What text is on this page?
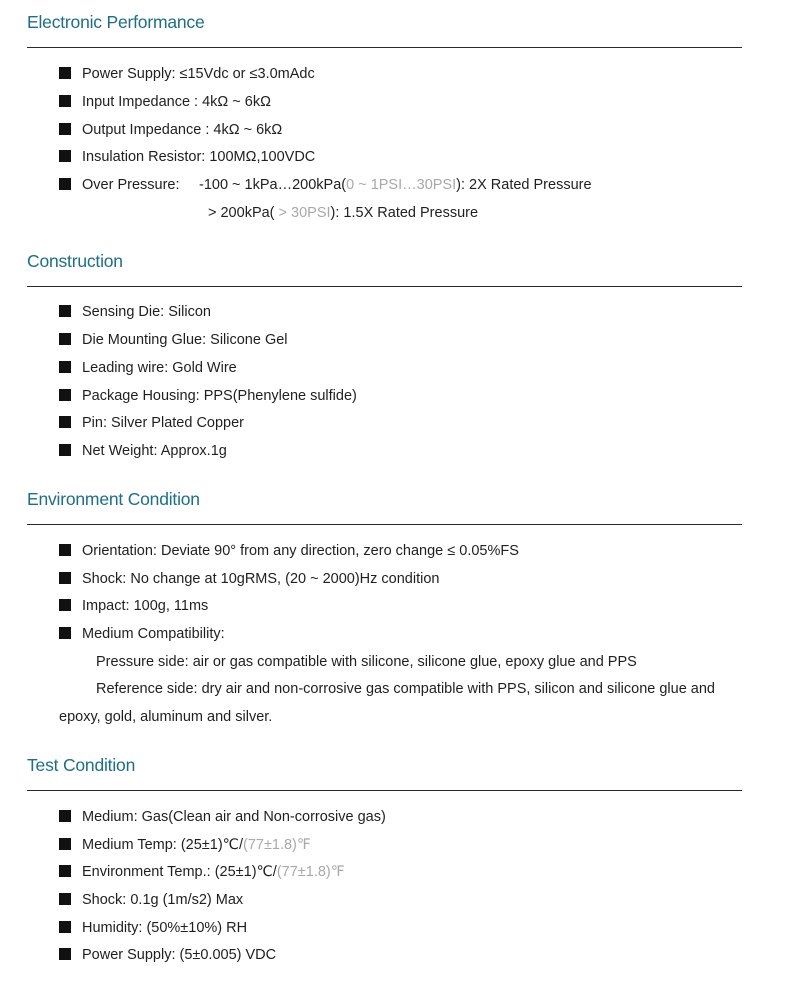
Electronic Performance
Power Supply: ≤15Vdc or ≤3.0mAdc
Input Impedance : 4kΩ ~ 6kΩ
Output Impedance : 4kΩ ~ 6kΩ
Insulation Resistor: 100MΩ,100VDC
Over Pressure: -100 ~ 1kPa…200kPa(0 ~ 1PSI…30PSI): 2X Rated Pressure
> 200kPa( > 30PSI): 1.5X Rated Pressure
Construction
Sensing Die: Silicon
Die Mounting Glue: Silicone Gel
Leading wire: Gold Wire
Package Housing: PPS(Phenylene sulfide)
Pin: Silver Plated Copper
Net Weight: Approx.1g
Environment Condition
Orientation: Deviate 90° from any direction, zero change ≤ 0.05%FS
Shock: No change at 10gRMS, (20 ~ 2000)Hz condition
Impact: 100g, 11ms
Medium Compatibility:
Pressure side: air or gas compatible with silicone, silicone glue, epoxy glue and PPS
Reference side: dry air and non-corrosive gas compatible with PPS, silicon and silicone glue and
epoxy, gold, aluminum and silver.
Test Condition
Medium: Gas(Clean air and Non-corrosive gas)
Medium Temp: (25±1)℃/(77±1.8)℉
Environment Temp.: (25±1)℃/(77±1.8)℉
Shock: 0.1g (1m/s2) Max
Humidity: (50%±10%) RH
Power Supply: (5±0.005) VDC
